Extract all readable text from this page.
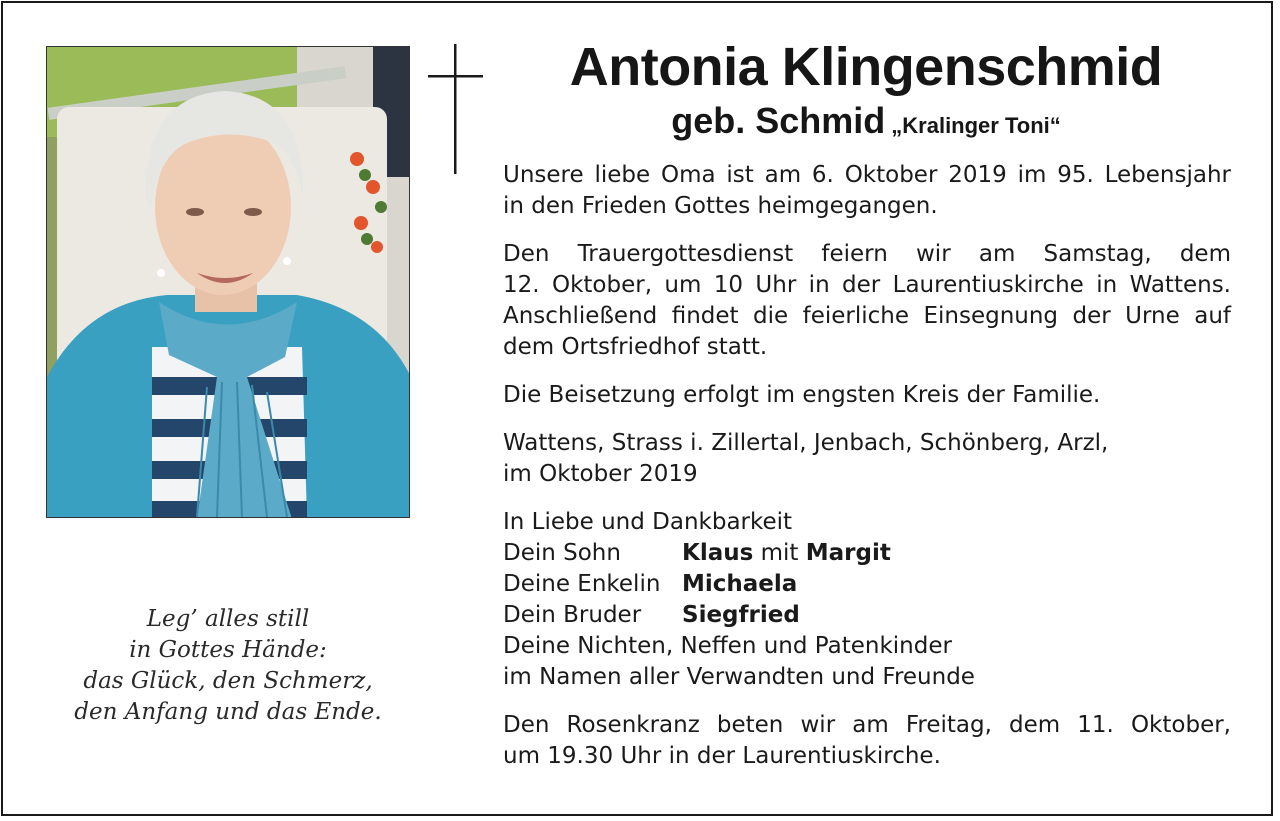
Leg’ alles still
in Gottes Hände:
das Glück, den Schmerz,
den Anfang und das Ende.
Antonia Klingenschmid
geb. Schmid „Kralinger Toni“
Unsere liebe Oma ist am 6. Oktober 2019 im 95. Lebensjahr
in den Frieden Gottes heimgegangen.
Den Trauergottesdienst feiern wir am Samstag, dem
12. Oktober, um 10 Uhr in der Laurentiuskirche in Wattens.
Anschließend findet die feierliche Einsegnung der Urne auf
dem Ortsfriedhof statt.
Die Beisetzung erfolgt im engsten Kreis der Familie.
Wattens, Strass i. Zillertal, Jenbach, Schönberg, Arzl,
im Oktober 2019
In Liebe und Dankbarkeit
Dein Sohn	Klaus mit Margit
Deine Enkelin Michaela
Dein Bruder	Siegfried
Deine Nichten, Neffen und Patenkinder
im Namen aller Verwandten und Freunde
Den Rosenkranz beten wir am Freitag, dem 11. Oktober,
um 19.30 Uhr in der Laurentiuskirche.
